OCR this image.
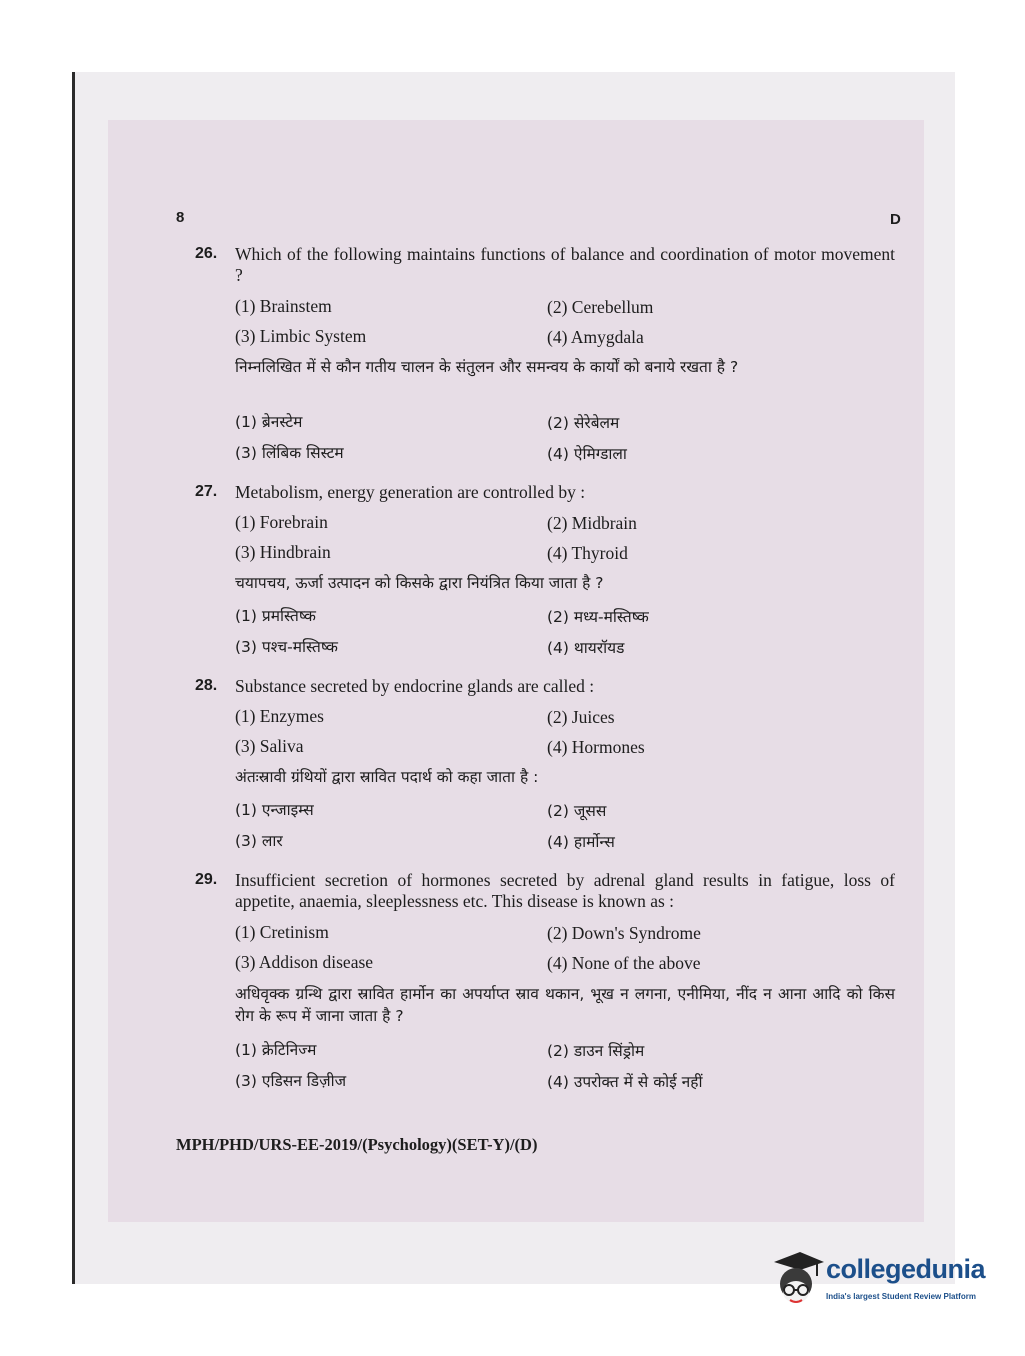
8	D
26. Which of the following maintains functions of balance and coordination of motor movement ?
(1) Brainstem	(2) Cerebellum
(3) Limbic System	(4) Amygdala
निम्नलिखित में से कौन गतीय चालन के संतुलन और समन्वय के कार्यों को बनाये रखता है ?
(1) ब्रेनस्टेम	(2) सेरेबेलम
(3) लिंबिक सिस्टम	(4) ऐमिग्डाला
27. Metabolism, energy generation are controlled by :
(1) Forebrain	(2) Midbrain
(3) Hindbrain	(4) Thyroid
चयापचय, ऊर्जा उत्पादन को किसके द्वारा नियंत्रित किया जाता है ?
(1) प्रमस्तिष्क	(2) मध्य-मस्तिष्क
(3) पश्च-मस्तिष्क	(4) थायरॉयड
28. Substance secreted by endocrine glands are called :
(1) Enzymes	(2) Juices
(3) Saliva	(4) Hormones
अंतःस्रावी ग्रंथियों द्वारा स्रावित पदार्थ को कहा जाता है :
(1) एन्जाइम्स	(2) जूसस
(3) लार	(4) हार्मोन्स
29. Insufficient secretion of hormones secreted by adrenal gland results in fatigue, loss of appetite, anaemia, sleeplessness etc. This disease is known as :
(1) Cretinism	(2) Down's Syndrome
(3) Addison disease	(4) None of the above
अधिवृक्क ग्रन्थि द्वारा स्रावित हार्मोन का अपर्याप्त स्राव थकान, भूख न लगना, एनीमिया, नींद न आना आदि को किस रोग के रूप में जाना जाता है ?
(1) क्रेटिनिज्म	(2) डाउन सिंड्रोम
(3) एडिसन डिज़ीज	(4) उपरोक्त में से कोई नहीं
MPH/PHD/URS-EE-2019/(Psychology)(SET-Y)/(D)
collegedunia
India's largest Student Review Platform
